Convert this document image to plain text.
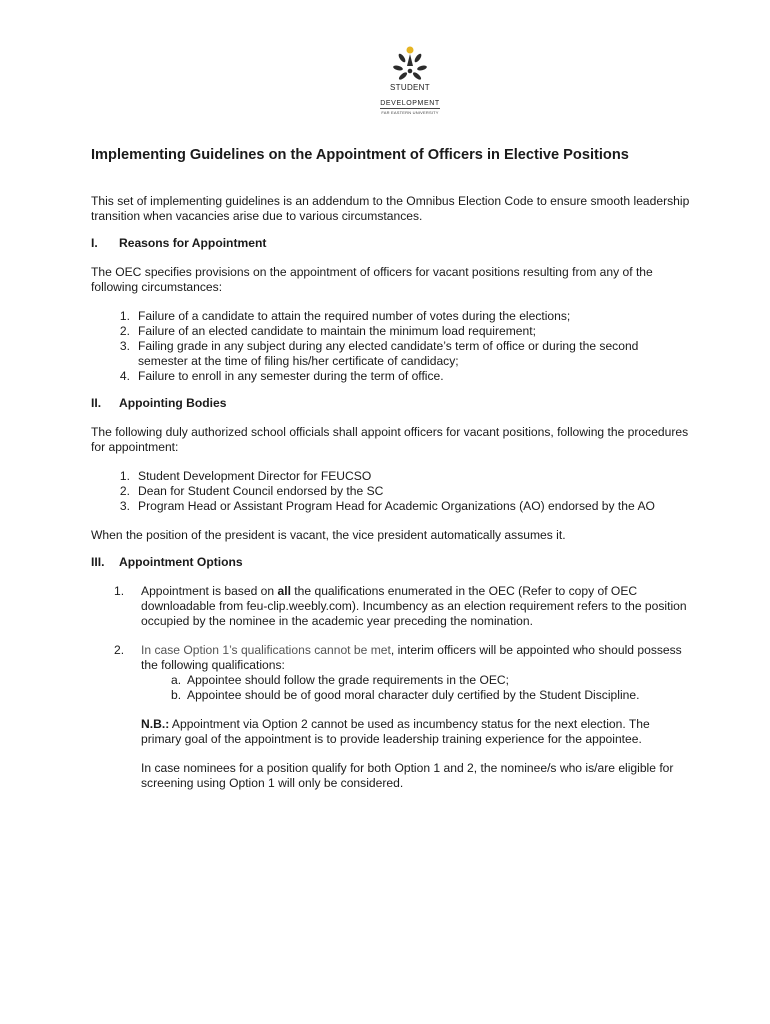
STUDENT
DEVELOPMENT
FAR EASTERN UNIVERSITY
Implementing Guidelines on the Appointment of Officers in Elective Positions

This set of implementing guidelines is an addendum to the Omnibus Election Code to ensure smooth leadership transition when vacancies arise due to various circumstances.

I.	Reasons for Appointment

The OEC specifies provisions on the appointment of officers for vacant positions resulting from any of the following circumstances:

1. Failure of a candidate to attain the required number of votes during the elections;
2. Failure of an elected candidate to maintain the minimum load requirement;
3. Failing grade in any subject during any elected candidate’s term of office or during the second semester at the time of filing his/her certificate of candidacy;
4. Failure to enroll in any semester during the term of office.
II.	Appointing Bodies

The following duly authorized school officials shall appoint officers for vacant positions, following the procedures for appointment:

1. Student Development Director for FEUCSO
2. Dean for Student Council endorsed by the SC
3. Program Head or Assistant Program Head for Academic Organizations (AO) endorsed by the AO

When the position of the president is vacant, the vice president automatically assumes it.

III.	Appointment Options
1.	Appointment is based on all the qualifications enumerated in the OEC (Refer to copy of OEC downloadable from feu-clip.weebly.com). Incumbency as an election requirement refers to the position occupied by the nominee in the academic year preceding the nomination.
2.	In case Option 1’s qualifications cannot be met, interim officers will be appointed who should possess the following qualifications:
a. Appointee should follow the grade requirements in the OEC;
b. Appointee should be of good moral character duly certified by the Student Discipline.

N.B.: Appointment via Option 2 cannot be used as incumbency status for the next election. The primary goal of the appointment is to provide leadership training experience for the appointee.

In case nominees for a position qualify for both Option 1 and 2, the nominee/s who is/are eligible for screening using Option 1 will only be considered.
